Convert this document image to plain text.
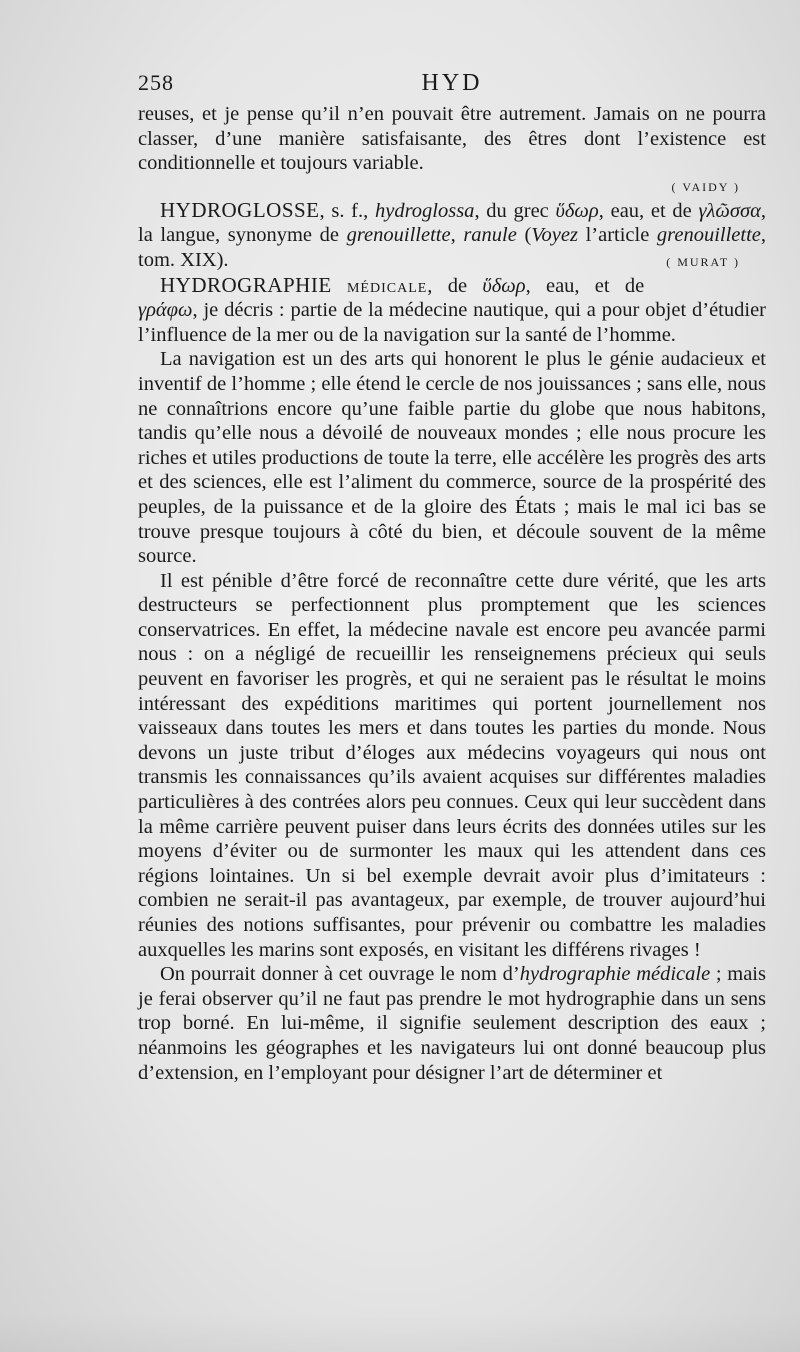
258	HYD

reuses, et je pense qu’il n’en pouvait être autrement. Jamais on ne pourra classer, d’une manière satisfaisante, des êtres dont l’existence est conditionnelle et toujours variable.

( VAIDY )

HYDROGLOSSE, s. f., hydroglossa, du grec ὕδωρ, eau, et de γλῶσσα, la langue, synonyme de grenouillette, ranule (Voyez l’article grenouillette, tom. XIX).	( MURAT )

HYDROGRAPHIE médicale, de ὕδωρ, eau, et de γράφω, je décris : partie de la médecine nautique, qui a pour objet d’étudier l’influence de la mer ou de la navigation sur la santé de l’homme.

La navigation est un des arts qui honorent le plus le génie audacieux et inventif de l’homme ; elle étend le cercle de nos jouissances ; sans elle, nous ne connaîtrions encore qu’une faible partie du globe que nous habitons, tandis qu’elle nous a dévoilé de nouveaux mondes ; elle nous procure les riches et utiles productions de toute la terre, elle accélère les progrès des arts et des sciences, elle est l’aliment du commerce, source de la prospérité des peuples, de la puissance et de la gloire des États ; mais le mal ici bas se trouve presque toujours à côté du bien, et découle souvent de la même source.

Il est pénible d’être forcé de reconnaître cette dure vérité, que les arts destructeurs se perfectionnent plus promptement que les sciences conservatrices. En effet, la médecine navale est encore peu avancée parmi nous : on a négligé de recueillir les renseignemens précieux qui seuls peuvent en favoriser les progrès, et qui ne seraient pas le résultat le moins intéressant des expéditions maritimes qui portent journellement nos vaisseaux dans toutes les mers et dans toutes les parties du monde. Nous devons un juste tribut d’éloges aux médecins voyageurs qui nous ont transmis les connaissances qu’ils avaient acquises sur différentes maladies particulières à des contrées alors peu connues. Ceux qui leur succèdent dans la même carrière peuvent puiser dans leurs écrits des données utiles sur les moyens d’éviter ou de surmonter les maux qui les attendent dans ces régions lointaines. Un si bel exemple devrait avoir plus d’imitateurs : combien ne serait-il pas avantageux, par exemple, de trouver aujourd’hui réunies des notions suffisantes, pour prévenir ou combattre les maladies auxquelles les marins sont exposés, en visitant les différens rivages !

On pourrait donner à cet ouvrage le nom d’hydrographie médicale ; mais je ferai observer qu’il ne faut pas prendre le mot hydrographie dans un sens trop borné. En lui-même, il signifie seulement description des eaux ; néanmoins les géographes et les navigateurs lui ont donné beaucoup plus d’extension, en l’employant pour désigner l’art de déterminer et
